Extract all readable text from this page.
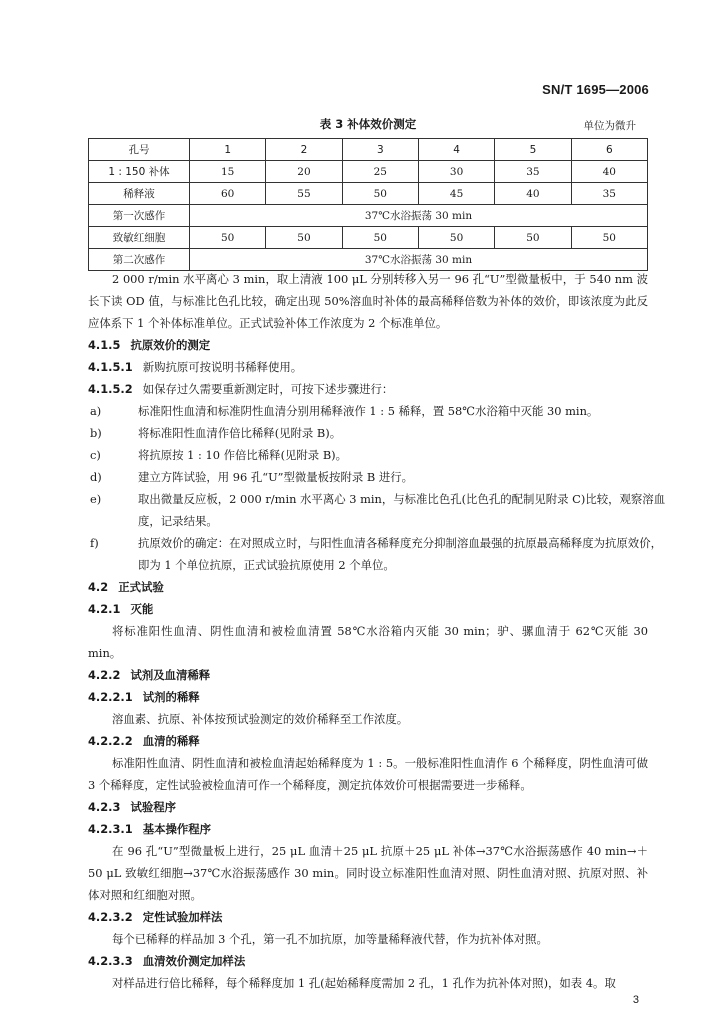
SN/T 1695—2006
表 3 补体效价测定	单位为微升
孔号	1	2	3	4	5	6
1 : 150 补体	15	20	25	30	35	40
稀释液	60	55	50	45	40	35
第一次感作	37℃水浴振荡 30 min					
致敏红细胞	50	50	50	50	50	50
第二次感作	37℃水浴振荡 30 min					
2 000 r/min 水平离心 3 min，取上清液 100 μL 分别转移入另一 96 孔“U”型微量板中，于 540 nm 波长下读 OD 值，与标准比色孔比较，确定出现 50%溶血时补体的最高稀释倍数为补体的效价，即该浓度为此反应体系下 1 个补体标准单位。正式试验补体工作浓度为 2 个标准单位。
4.1.5 抗原效价的测定
4.1.5.1 新购抗原可按说明书稀释使用。
4.1.5.2 如保存过久需要重新测定时，可按下述步骤进行：
a)	标准阳性血清和标准阴性血清分别用稀释液作 1 : 5 稀释，置 58℃水浴箱中灭能 30 min。
b)	将标准阳性血清作倍比稀释(见附录 B)。
c)	将抗原按 1 : 10 作倍比稀释(见附录 B)。
d)	建立方阵试验，用 96 孔“U”型微量板按附录 B 进行。
e)	取出微量反应板，2 000 r/min 水平离心 3 min，与标准比色孔(比色孔的配制见附录 C)比较，观察溶血度，记录结果。
f)	抗原效价的确定：在对照成立时，与阳性血清各稀释度充分抑制溶血最强的抗原最高稀释度为抗原效价，即为 1 个单位抗原，正式试验抗原使用 2 个单位。
4.2 正式试验
4.2.1 灭能
将标准阳性血清、阴性血清和被检血清置 58℃水浴箱内灭能 30 min；驴、骡血清于 62℃灭能 30 min。
4.2.2 试剂及血清稀释
4.2.2.1 试剂的稀释
溶血素、抗原、补体按预试验测定的效价稀释至工作浓度。
4.2.2.2 血清的稀释
标准阳性血清、阴性血清和被检血清起始稀释度为 1 : 5。一般标准阳性血清作 6 个稀释度，阴性血清可做 3 个稀释度，定性试验被检血清可作一个稀释度，测定抗体效价可根据需要进一步稀释。
4.2.3 试验程序
4.2.3.1 基本操作程序
在 96 孔“U”型微量板上进行，25 μL 血清＋25 μL 抗原＋25 μL 补体→37℃水浴振荡感作 40 min→＋50 μL 致敏红细胞→37℃水浴振荡感作 30 min。同时设立标准阳性血清对照、阴性血清对照、抗原对照、补体对照和红细胞对照。
4.2.3.2 定性试验加样法
每个已稀释的样品加 3 个孔，第一孔不加抗原，加等量稀释液代替，作为抗补体对照。
4.2.3.3 血清效价测定加样法
对样品进行倍比稀释，每个稀释度加 1 孔(起始稀释度需加 2 孔，1 孔作为抗补体对照)，如表 4。取
3
